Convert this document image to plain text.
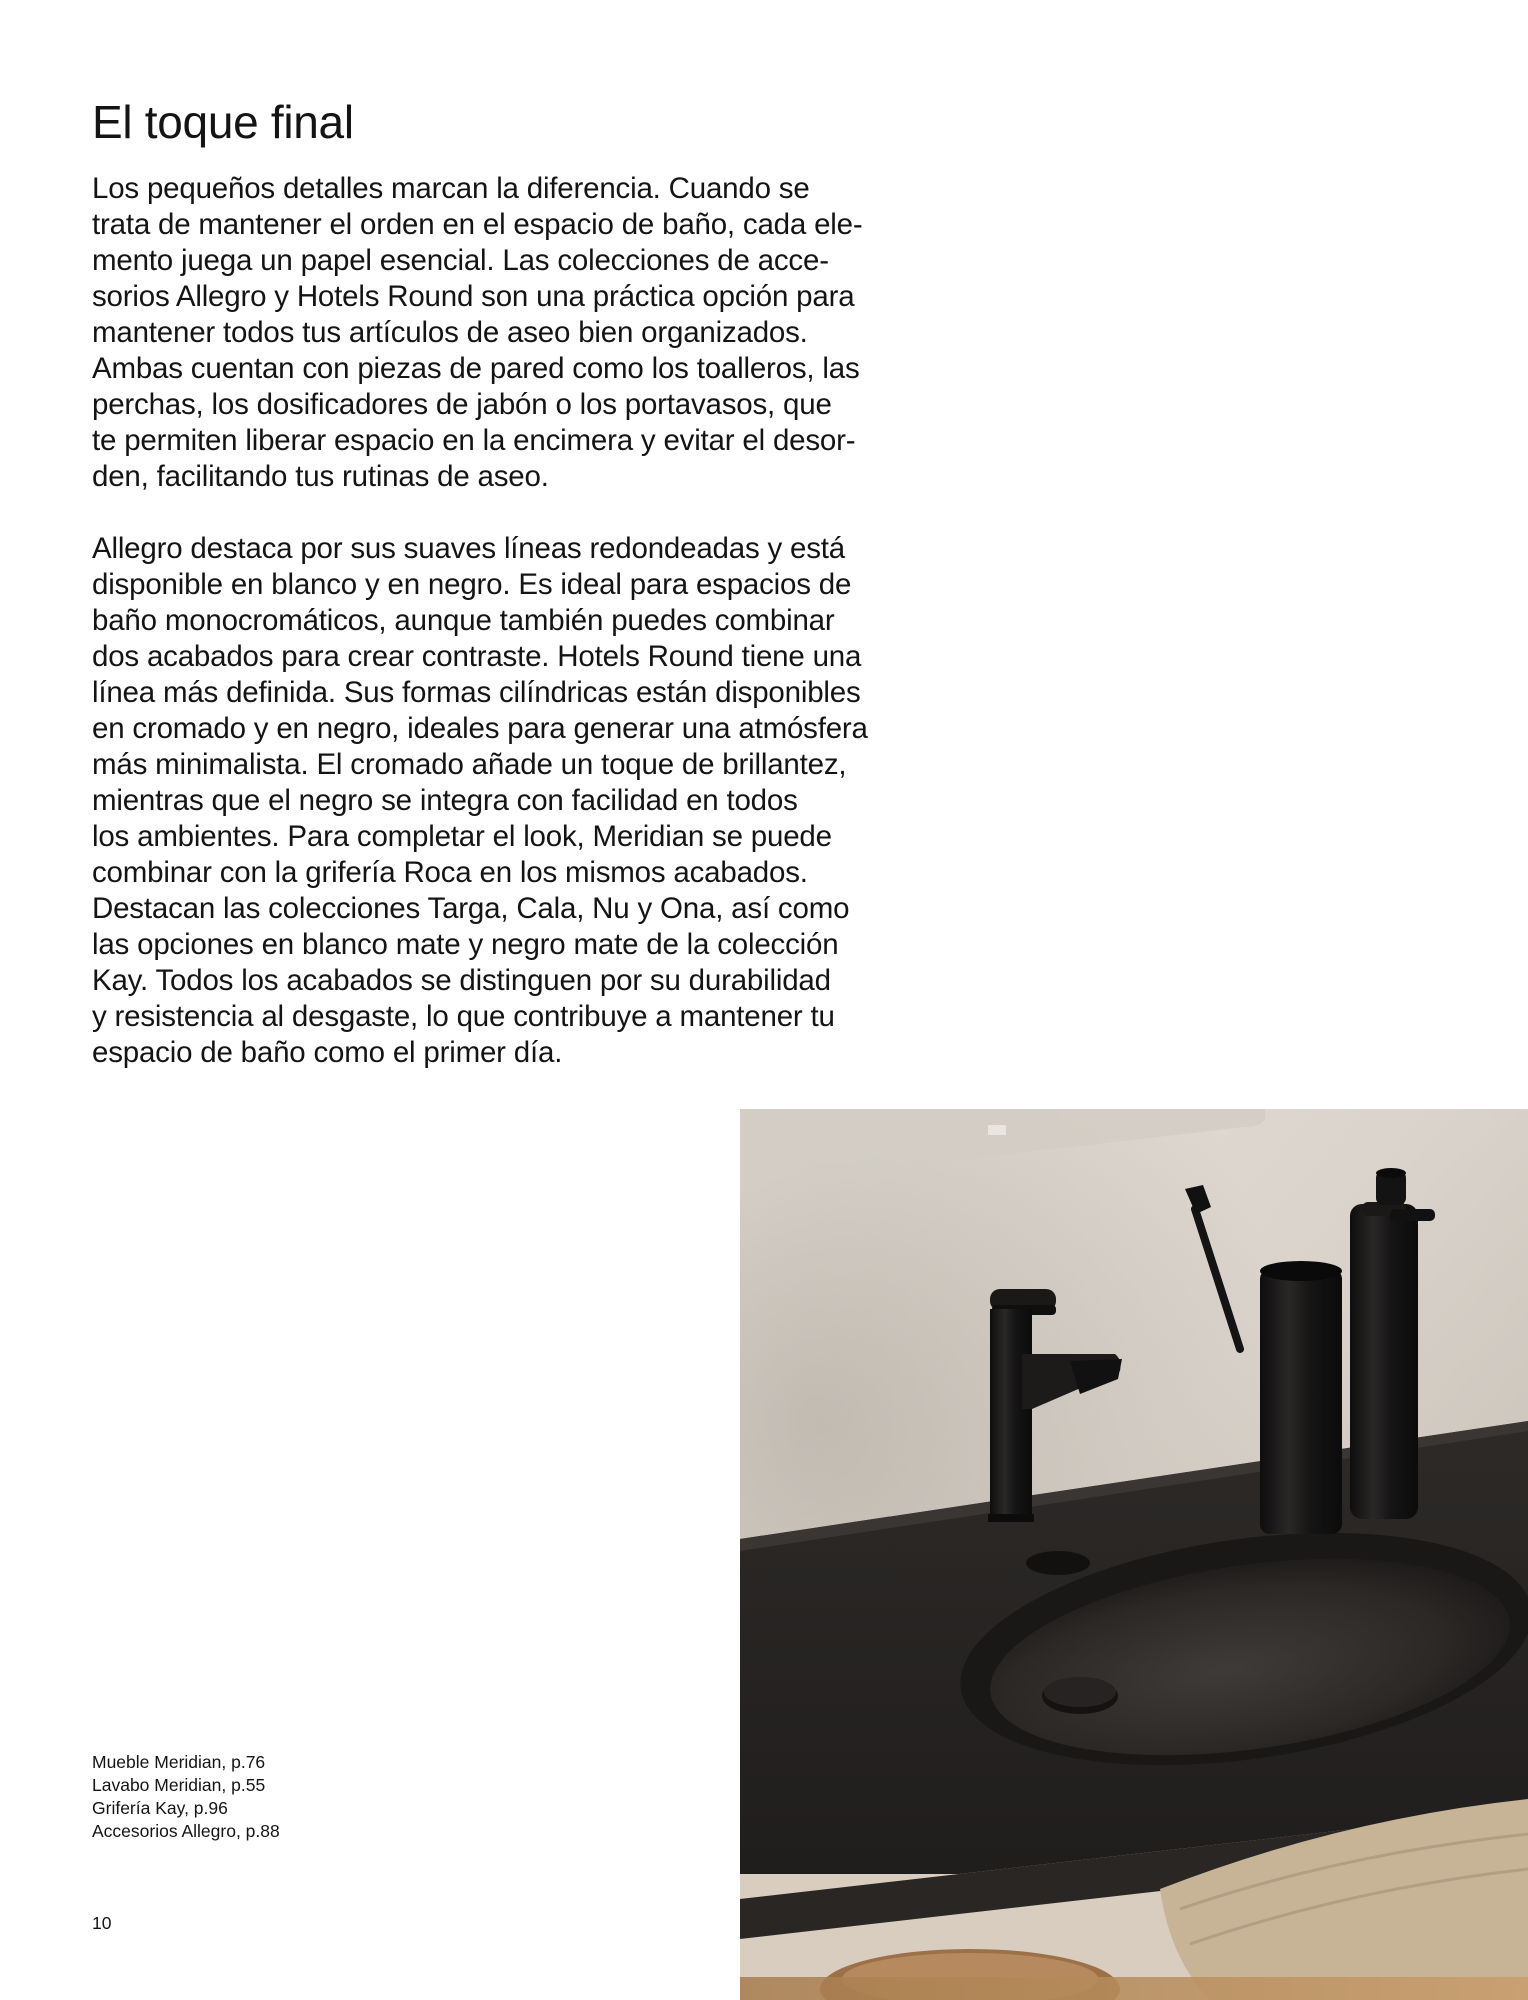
El toque final

Los pequeños detalles marcan la diferencia. Cuando se
trata de mantener el orden en el espacio de baño, cada ele-
mento juega un papel esencial. Las colecciones de acce-
sorios Allegro y Hotels Round son una práctica opción para
mantener todos tus artículos de aseo bien organizados.
Ambas cuentan con piezas de pared como los toalleros, las
perchas, los dosificadores de jabón o los portavasos, que
te permiten liberar espacio en la encimera y evitar el desor-
den, facilitando tus rutinas de aseo.

Allegro destaca por sus suaves líneas redondeadas y está
disponible en blanco y en negro. Es ideal para espacios de
baño monocromáticos, aunque también puedes combinar
dos acabados para crear contraste. Hotels Round tiene una
línea más definida. Sus formas cilíndricas están disponibles
en cromado y en negro, ideales para generar una atmósfera
más minimalista. El cromado añade un toque de brillantez,
mientras que el negro se integra con facilidad en todos
los ambientes. Para completar el look, Meridian se puede
combinar con la grifería Roca en los mismos acabados.
Destacan las colecciones Targa, Cala, Nu y Ona, así como
las opciones en blanco mate y negro mate de la colección
Kay. Todos los acabados se distinguen por su durabilidad
y resistencia al desgaste, lo que contribuye a mantener tu
espacio de baño como el primer día.

Mueble Meridian, p.76
Lavabo Meridian, p.55
Grifería Kay, p.96
Accesorios Allegro, p.88
10
